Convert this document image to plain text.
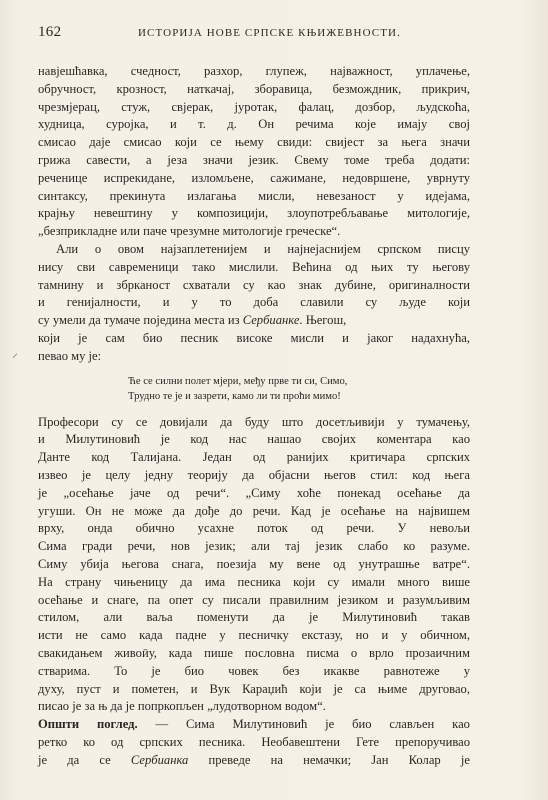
162	ИСТОРИЈА НОВЕ СРПСКЕ КЊИЖЕВНОСТИ.
⸝
навјешћавка, счедност, разхор, глупеж, најважност, уплачење,
обручност, крозност, наткачај, зборавица, безмождник, прикрич,
чрезмјерац, стуж, свјерак, јуротак, фалац, дозбор, људскоћа,
худница, суројка, и т. д. Он речима које имају свој
смисао даје смисао који се њему свиди: свијест за њега значи
грижа савести, а језа значи језик. Свему томе треба додати:
реченице испрекидане, изломљене, сажимане, недовршене, уврнуту
синтаксу, прекинута излагања мисли, невезаност у идејама,
крајњу невештину у композицији, злоупотребљавање митологије,
„безприкладне или паче чрезумне митологије греческе“.
Али о овом најзаплетенијем и најнејаснијем српском писцу
нису сви савременици тако мислили. Већина од њих ту његову
тамнину и збрканост схватали су као знак дубине, оригиналности
и генијалности, и у то доба славили су људе који
су умели да тумаче поједина места из Сербианке. Његош,
који је сам био песник високе мисли и јаког надахнућа,
певао му је:
Ће се силни полет мјери, међу прве ти си, Симо,
Трудно те је и зазрети, камо ли ти проћи мимо!
Професори су се довијали да буду што досетљивији у тумачењу,
и Милутиновић је код нас нашао својих коментара као
Данте код Талијана. Један од ранијих критичара српских
извео је целу једну теорију да објасни његов стил: код њега
је „осећање јаче од речи“. „Симу хоће понекад осећање да
угуши. Он не може да дође до речи. Кад је осећање на највишем
врху, онда обично усахне поток од речи. У невољи
Сима гради речи, нов језик; али тај језик слабо ко разуме.
Симу убија његова снага, поезија му вене од унутрашње ватре“.
На страну чињеницу да има песника који су имали много више
осећање и снаге, па опет су писали правилним језиком и разумљивим
стилом, али ваља поменути да је Милутиновић такав
исти не само када падне у песничку екстазу, но и у обичном,
свакидањем живоӣу, када пише пословна писма о врло прозаичним
стварима. То је био човек без икакве равнотеже у
духу, пуст и пометен, и Вук Караџић који је са њиме друговао,
писао је за њ да је попркопљен „лудотворном водом“.
Општи поглед. — Сима Милутиновић је био слављен као
ретко ко од српских песника. Необавештени Гете препоручивао
је да се Сербианка преведе на немачки; Јан Колар је
